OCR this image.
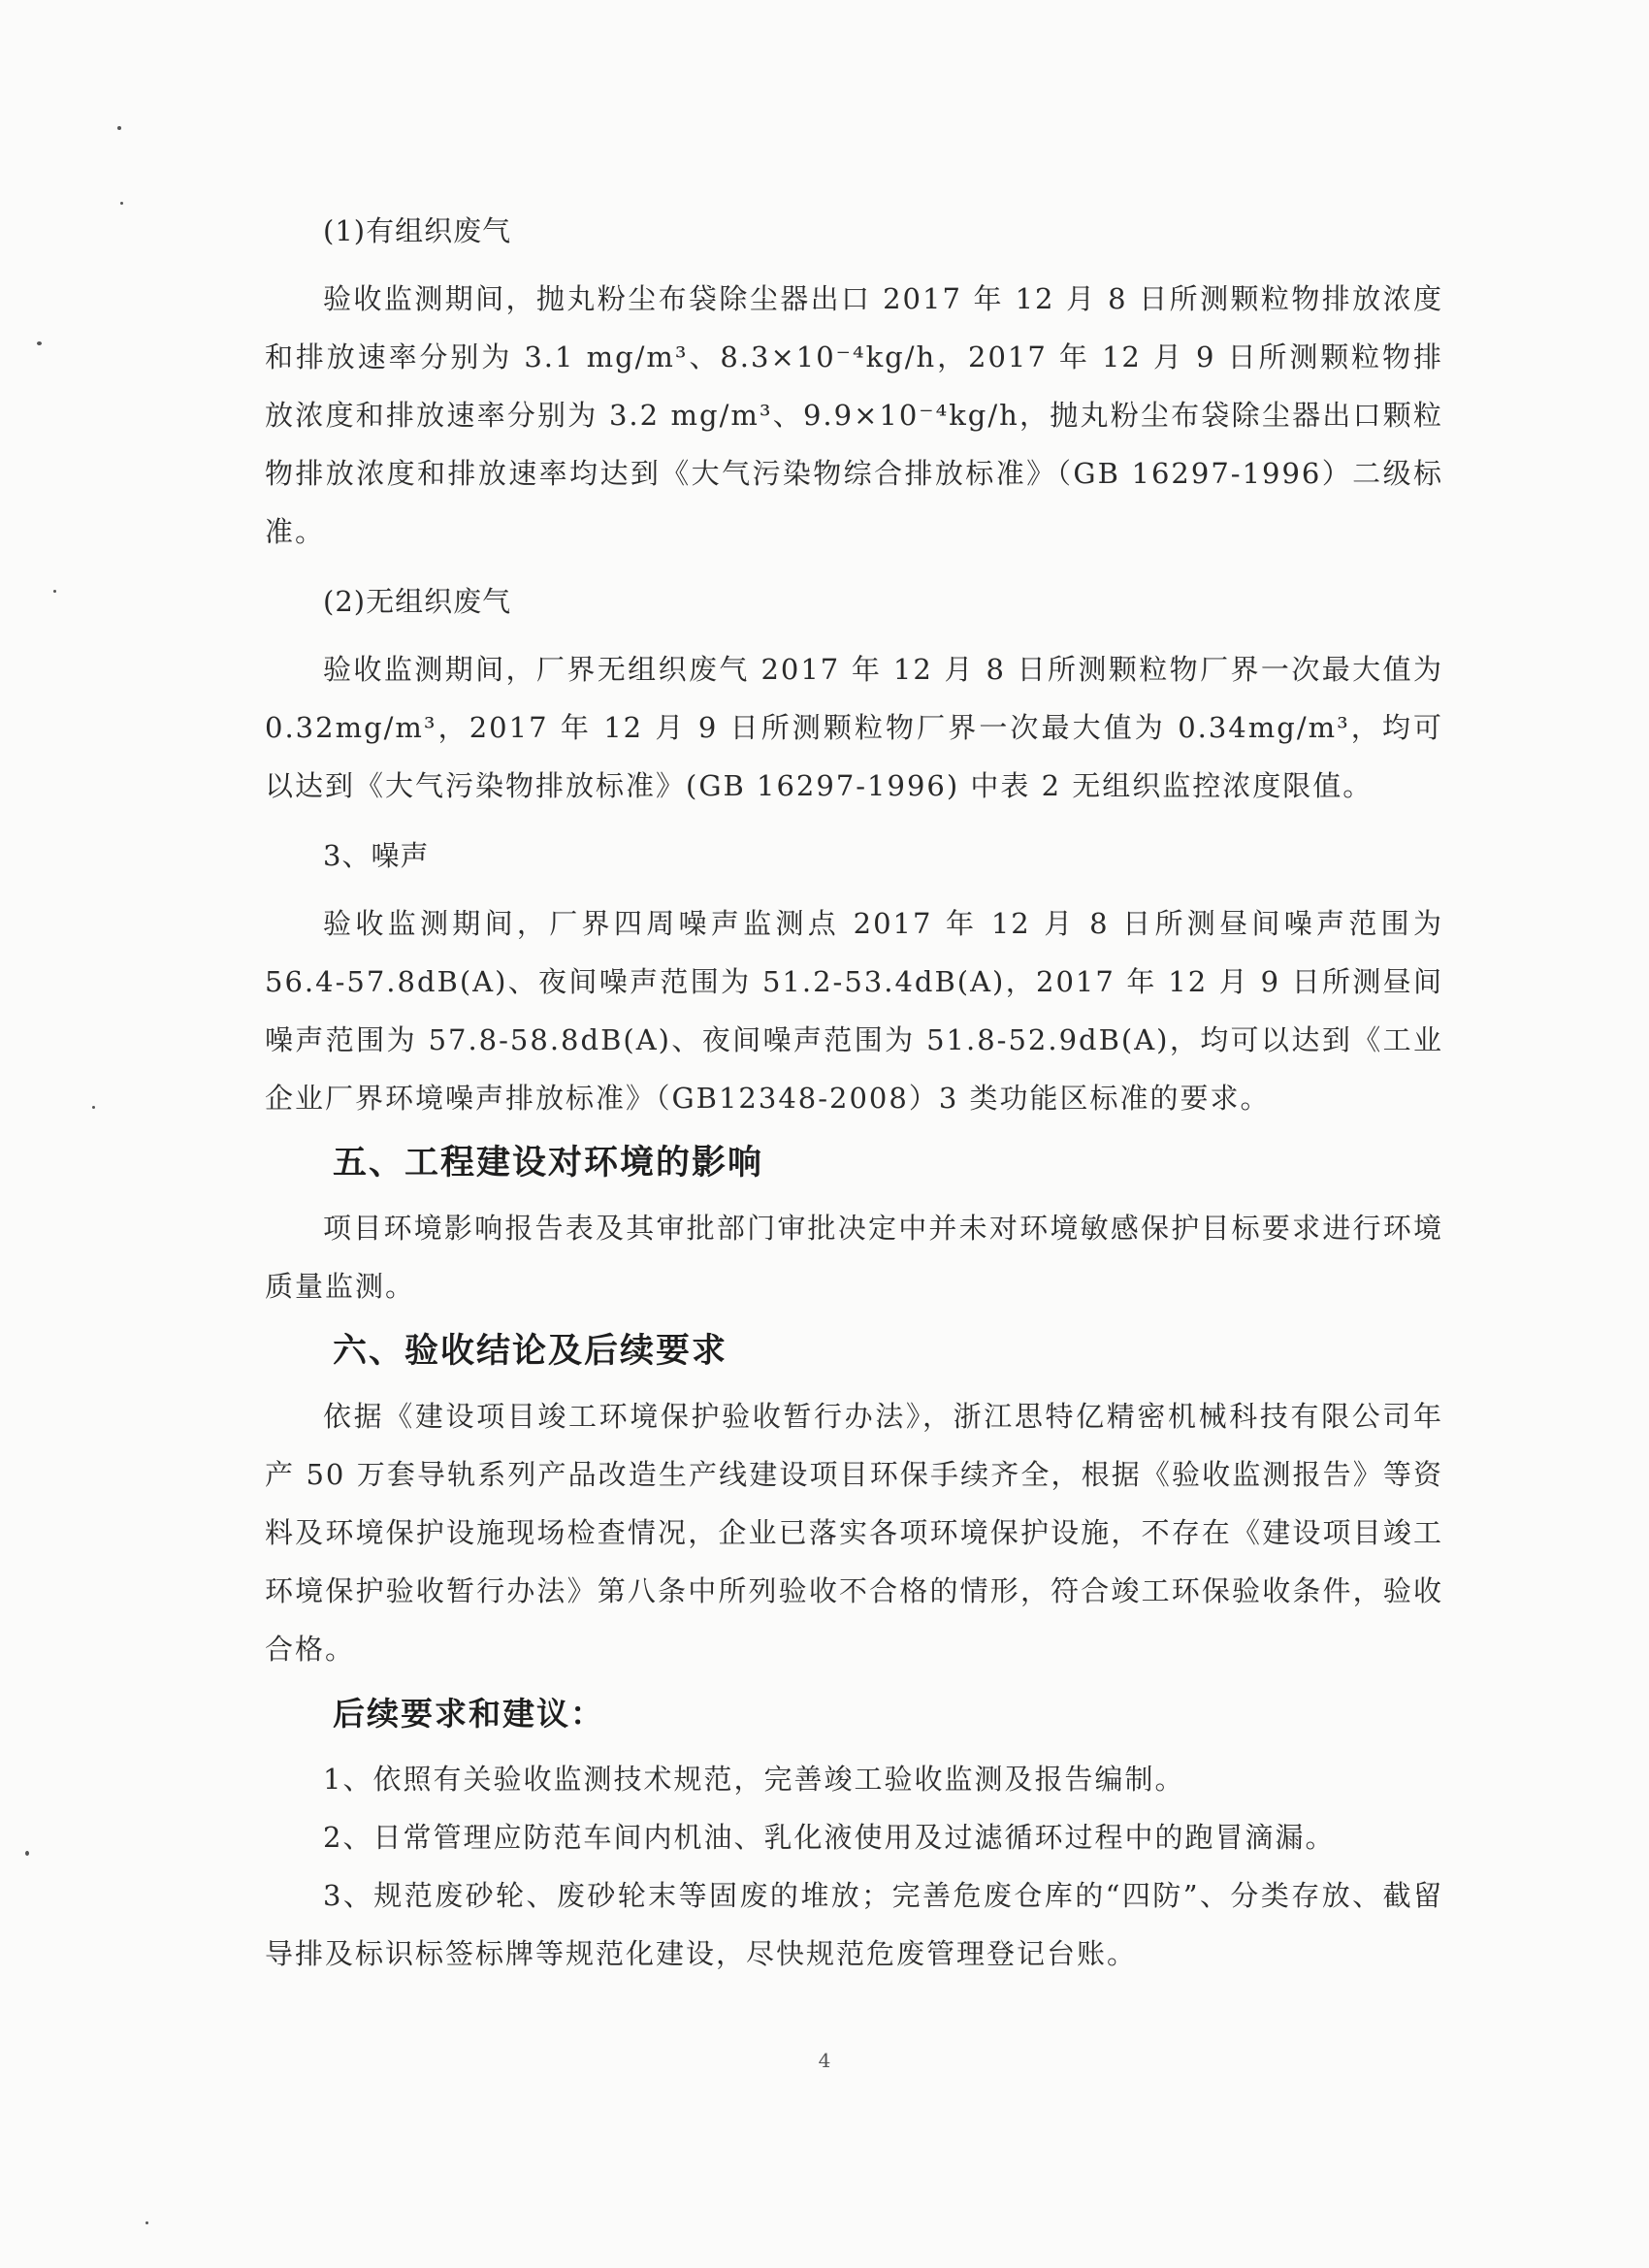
(1)有组织废气

验收监测期间，抛丸粉尘布袋除尘器出口 2017 年 12 月 8 日所测颗粒物排放浓度和排放速率分别为 3.1 mg/m³、8.3×10⁻⁴kg/h，2017 年 12 月 9 日所测颗粒物排放浓度和排放速率分别为 3.2 mg/m³、9.9×10⁻⁴kg/h，抛丸粉尘布袋除尘器出口颗粒物排放浓度和排放速率均达到《大气污染物综合排放标准》（GB 16297-1996）二级标准。

(2)无组织废气

验收监测期间，厂界无组织废气 2017 年 12 月 8 日所测颗粒物厂界一次最大值为 0.32mg/m³，2017 年 12 月 9 日所测颗粒物厂界一次最大值为 0.34mg/m³，均可以达到《大气污染物排放标准》(GB 16297-1996) 中表 2 无组织监控浓度限值。

3、噪声

验收监测期间，厂界四周噪声监测点 2017 年 12 月 8 日所测昼间噪声范围为 56.4-57.8dB(A)、夜间噪声范围为 51.2-53.4dB(A)，2017 年 12 月 9 日所测昼间噪声范围为 57.8-58.8dB(A)、夜间噪声范围为 51.8-52.9dB(A)，均可以达到《工业企业厂界环境噪声排放标准》（GB12348-2008）3 类功能区标准的要求。

五、工程建设对环境的影响

项目环境影响报告表及其审批部门审批决定中并未对环境敏感保护目标要求进行环境质量监测。

六、验收结论及后续要求

依据《建设项目竣工环境保护验收暂行办法》，浙江思特亿精密机械科技有限公司年产 50 万套导轨系列产品改造生产线建设项目环保手续齐全，根据《验收监测报告》等资料及环境保护设施现场检查情况，企业已落实各项环境保护设施，不存在《建设项目竣工环境保护验收暂行办法》第八条中所列验收不合格的情形，符合竣工环保验收条件，验收合格。

后续要求和建议：

1、依照有关验收监测技术规范，完善竣工验收监测及报告编制。

2、日常管理应防范车间内机油、乳化液使用及过滤循环过程中的跑冒滴漏。

3、规范废砂轮、废砂轮末等固废的堆放；完善危废仓库的“四防”、分类存放、截留导排及标识标签标牌等规范化建设，尽快规范危废管理登记台账。

4
